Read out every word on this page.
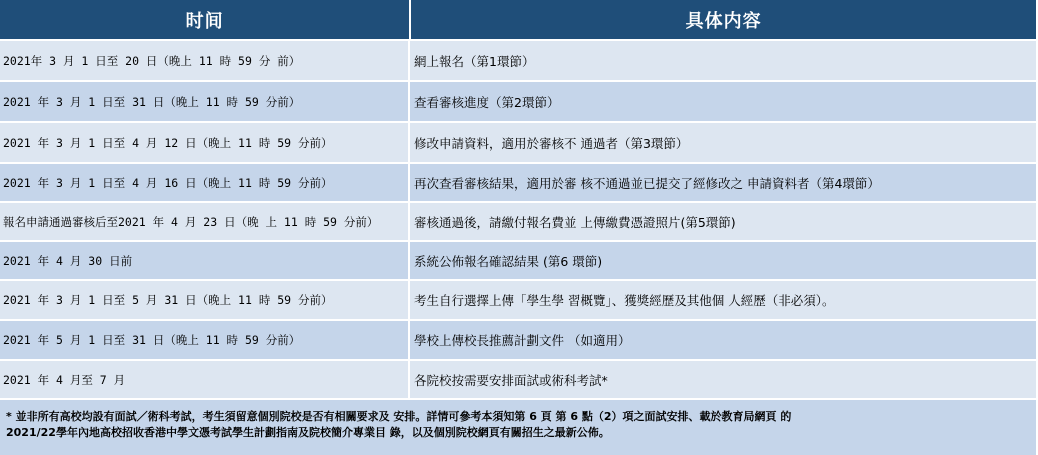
时间	具体内容
2021年 3 月 1 日至 20 日（晚上 11 時 59 分 前）	網上報名（第1環節）
2021 年 3 月 1 日至 31 日（晚上 11 時 59 分前）	查看審核進度（第2環節）
2021 年 3 月 1 日至 4 月 12 日（晚上 11 時 59 分前）	修改申請資料，適用於審核不 通過者（第3環節）
2021 年 3 月 1 日至 4 月 16 日（晚上 11 時 59 分前）	再次查看審核結果，適用於審 核不通過並已提交了經修改之 申請資料者（第4環節）
報名申請通過審核后至2021 年 4 月 23 日（晚 上 11 時 59 分前）	審核通過後，請繳付報名費並 上傳繳費憑證照片(第5環節)
2021 年 4 月 30 日前	系統公佈報名確認結果 (第6 環節)
2021 年 3 月 1 日至 5 月 31 日（晚上 11 時 59 分前）	考生自行選擇上傳「學生學 習概覽」、獲獎經歷及其他個 人經歷（非必須）。
2021 年 5 月 1 日至 31 日（晚上 11 時 59 分前）	學校上傳校長推薦計劃文件 （如適用）
2021 年 4 月至 7 月	各院校按需要安排面試或術科考試*
* 並非所有高校均設有面試／術科考試，考生須留意個別院校是否有相關要求及 安排。詳情可參考本須知第 6 頁 第 6 點（2）項之面試安排、載於教育局網頁 的
2021/22學年內地高校招收香港中學文憑考試學生計劃指南及院校簡介專業目 錄，以及個別院校網頁有關招生之最新公佈。
